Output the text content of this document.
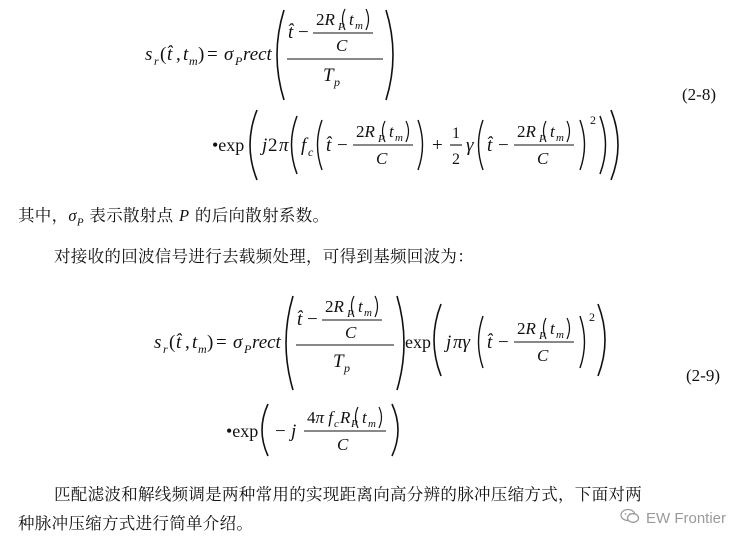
s r ( t̂ , t m ) = σ P rect
t̂ −
2R P t m
C
T p
•exp j 2 π f c t̂ −
2R P t m
C
+
1
2
γ t̂ −
2R P t m
C
2
(2-8)
其中，$\sigma_P$ 表示散射点 P 的后向散射系数。
对接收的回波信号进行去载频处理，可得到基频回波为：
s r ( t̂ , t m ) = σ P rect
t̂ −
2R P t m
C
T p
exp j πγ t̂ −
2R P t m
C
2
•exp − j
4π f c R P t m
C
(2-9)
匹配滤波和解线频调是两种常用的实现距离向高分辨的脉冲压缩方式，下面对两
种脉冲压缩方式进行简单介绍。	EW Frontier
